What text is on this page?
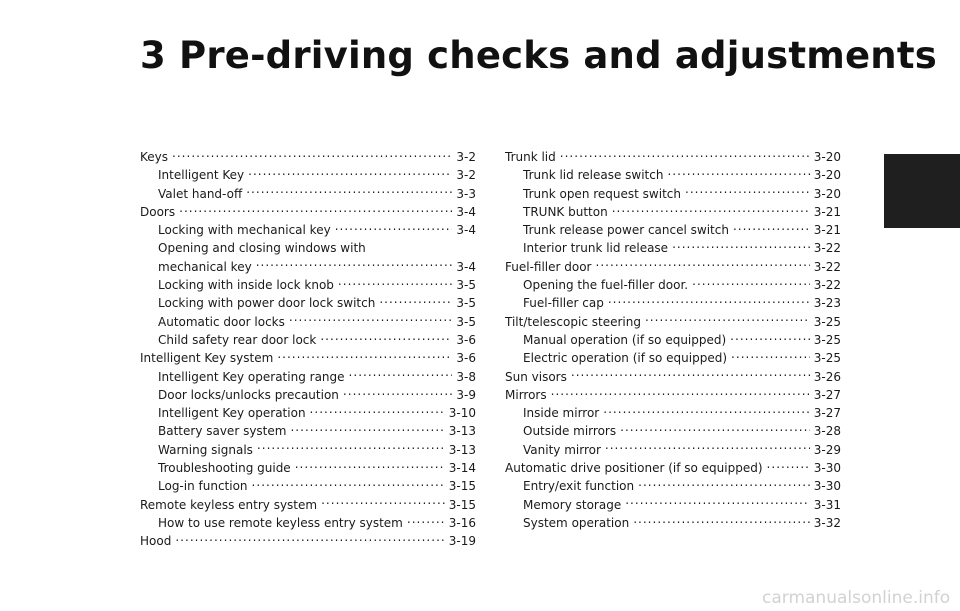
3 Pre-driving checks and adjustments
Keys . . .	3-2
Intelligent Key . . .	3-2
Valet hand-off . . .	3-3
Doors . . .	3-4
Locking with mechanical key . . .	3-4
Opening and closing windows with
mechanical key . . .	3-4
Locking with inside lock knob . . .	3-5
Locking with power door lock switch . . .	3-5
Automatic door locks . . .	3-5
Child safety rear door lock . . .	3-6
Intelligent Key system . . .	3-6
Intelligent Key operating range . . .	3-8
Door locks/unlocks precaution . . .	3-9
Intelligent Key operation . . .	3-10
Battery saver system . . .	3-13
Warning signals . . .	3-13
Troubleshooting guide . . .	3-14
Log-in function . . .	3-15
Remote keyless entry system . . .	3-15
How to use remote keyless entry system . . .	3-16
Hood . . .	3-19
Trunk lid . . .	3-20
Trunk lid release switch . . .	3-20
Trunk open request switch . . .	3-20
TRUNK button . . .	3-21
Trunk release power cancel switch . . .	3-21
Interior trunk lid release . . .	3-22
Fuel-filler door . . .	3-22
Opening the fuel-filler door. . . .	3-22
Fuel-filler cap . . .	3-23
Tilt/telescopic steering . . .	3-25
Manual operation (if so equipped) . . .	3-25
Electric operation (if so equipped) . . .	3-25
Sun visors . . .	3-26
Mirrors . . .	3-27
Inside mirror . . .	3-27
Outside mirrors . . .	3-28
Vanity mirror . . .	3-29
Automatic drive positioner (if so equipped) . . .	3-30
Entry/exit function . . .	3-30
Memory storage . . .	3-31
System operation . . .	3-32
carmanualsonline.info
